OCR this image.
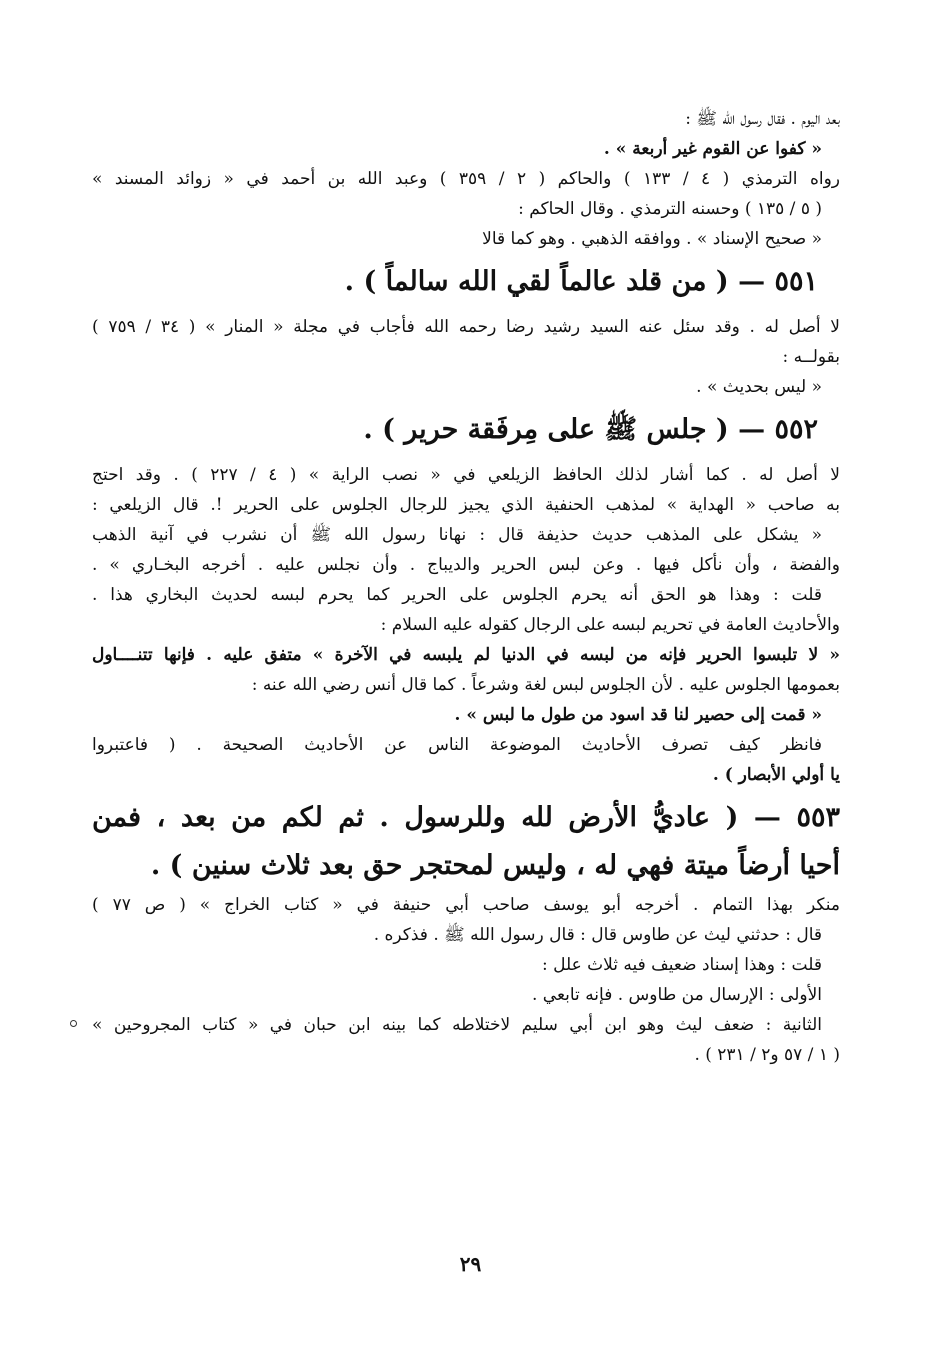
بعد اليوم . فقال رسول الله ﷺ :
« كفوا عن القوم غير أربعة » .
رواه الترمذي ( ٤ / ١٣٣ ) والحاكم ( ٢ / ٣٥٩ ) وعبد الله بن أحمد في « زوائد المسند »
( ٥ / ١٣٥ ) وحسنه الترمذي . وقال الحاكم :
« صحيح الإسناد » . ووافقه الذهبي . وهو كما قالا
٥٥١ — ( من قلد عالماً لقي الله سالماً ) .
لا أصل له . وقد سئل عنه السيد رشيد رضا رحمه الله فأجاب في مجلة « المنار » ( ٣٤ / ٧٥٩ )
بقولــه :
« ليس بحديث » .
٥٥٢ — ( جلس ﷺ على مِرفَقة حرير ) .
لا أصل له . كما أشار لذلك الحافظ الزيلعي في « نصب الراية » ( ٤ / ٢٢٧ ) . وقد احتج
به صاحب « الهداية » لمذهب الحنفية الذي يجيز للرجال الجلوس على الحرير !. قال الزيلعي :
« يشكل على المذهب حديث حذيفة قال : نهانا رسول الله ﷺ أن نشرب في آنية الذهب
والفضة ، وأن نأكل فيها . وعن لبس الحرير والديباج . وأن نجلس عليه . أخرجه البخـاري » .
قلت : وهذا هو الحق أنه يحرم الجلوس على الحرير كما يحرم لبسه لحديث البخاري هذا .
والأحاديث العامة في تحريم لبسه على الرجال كقوله عليه السلام :
« لا تلبسوا الحرير فإنه من لبسه في الدنيا لم يلبسه في الآخرة » متفق عليه . فإنها تتنــــاول
بعمومها الجلوس عليه . لأن الجلوس لبس لغة وشرعاً . كما قال أنس رضي الله عنه :
« قمت إلى حصير لنا قد اسود من طول ما لبس » .
فانظر كيف تصرف الأحاديث الموضوعة الناس عن الأحاديث الصحيحة . ( فاعتبروا
يا أولي الأبصار ) .
٥٥٣ — ( عاديُّ الأرض لله وللرسول . ثم لكم من بعد ، فمن
أحيا أرضاً ميتة فهي له ، وليس لمحتجر حق بعد ثلاث سنين ) .
منكر بهذا التمام . أخرجه أبو يوسف صاحب أبي حنيفة في « كتاب الخراج » ( ص ٧٧ )
قال : حدثني ليث عن طاوس قال : قال رسول الله ﷺ . فذكره .
قلت : وهذا إسناد ضعيف فيه ثلاث علل :
الأولى : الإرسال من طاوس . فإنه تابعي .
الثانية : ضعف ليث وهو ابن أبي سليم لاختلاطه كما بينه ابن حبان في « كتاب المجروحين »
( ١ / ٥٧ و٢ / ٢٣١ ) .
٢٩
